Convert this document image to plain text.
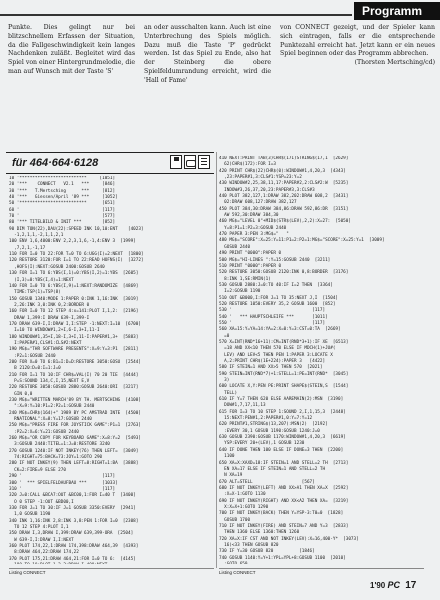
Programm

Punkte. Dies gelingt nur bei blitzschnellem Erfassen der Situation, da die Fallgeschwindigkeit kein langes Nachdenken zuläßt. Begleitet wird das Spiel von einer Hintergrundmelodie, die man auf Wunsch mit der Taste 'S'

an oder ausschalten kann. Auch ist eine Unterbrechung des Spiels möglich. Dazu muß die Taste 'P' gedrückt werden. Ist das Spiel zu Ende, also hat der Steinberg die obere Spielfeldumrandung erreicht, wird die 'Hall of Fame'

von CONNECT gezeigt, und der Spieler kann sich eintragen, falls er die entsprechende Punktezahl erreicht hat. Jetzt kann er ein neues Spiel beginnen oder das Programm abbrechen.

(Thorsten Mertsching/cd)

für 464·664·6128
10 '**************************     [1051]
20 '***    CONNECT   V2.1   ***     [846]
30 '***   T.Mertsching      ***     [812]
40 '***   Giessen/April '89 ***     [1052]
50 '**************************      [651]
60 '                                [117]
70 '                                [577]
80 '*** TITELBILD & INIT ***        [852]
90 DIM TON(22),DAU(22):SPEED INK 10,10:ENT    [4023]
-1,2,1,1,-2,1,1,2,1
100 ENV 1,6,4000:ENV 2,2,3,1,6,-1,4:ENV 3  [1999]
,7,2,1,-1,17
110 FOR I=0 TO 22:FOR T=0 TO 6:UGG(I)=2:NEXT  [1800]
120 RESTORE 3120:FOR I=1 TO 22:READ HOFNS(I)  [3272]
,HOFS(I):NEXT:GOSUB 2400:GOSUB 2640
130 FOR I=1 TO 6:YBS(I,1)=0:YBS(I,2)=1:YBS  [2605]
(I,3)=0:YBS(I,4)=1:NEXT
140 FOR I=0 TO 6:YBS(I,9)=1:NEXT:RANDOMIZE  [4869]
TIME:TSP(1)=TSP(8)
150 GOSUB 1340:MODE 1:PAPER 0:INK 1,16:INK  [3019]
2,26:INK 3,0:INK 0,2:BORDER 0
160 FOR I=0 TO 12 STEP 4:x=141:PLOT I,1,2:  [2196]
DRAW 1,399:I DRAW 639-I,399-I
170 DRAW 639-I,I:DRAW I,I:STEP -1:NEXT:I=10  [6700]
I=10 TO WINDOW#1,2+I,6-I,3+I,11-I
180 WINDOW#1,35+I,18-I,3+I,11-I:PAPER#1,3+  [5883]
I:PAPER#1,CLS#1:CLS#2:NEXT
190 MG$="THR SOFTWARE PRESENTS":X=9:Y=3:P1  [2811]
:P2=1:GOSUB 2440
200 FOR X=0 TO 6:B1=I:D=D:RESTORE 3050:GOSU  [2544]
B 2120:D=0:I=1:J=0
210 FOR I=1 TO 10:IF CHR$=VAL(I) 70 20 TIE  [4444]
P=S:SOUND 134,C,I,15,NEXT E,V
220 RESTORE 3050:GOSUB 2880:GOSUB 2640:ORI  [3217]
GIN 0,0
230 MG$="WRITTEN MARCH'89 BY TH. MERTSCHING  [4108]
":X=9:Y=10:P1=2:P2=1:GOSUB 2440
240 MG$=CHR$(164)+" 1989 BY PC AMSTRAD INTE  [4500]
RNATIONAL":X=8:Y=17:GOSUB 2440
250 MG$="PRESS FIRE FOR JOYSTICK GAME":P1=1  [2763]
:P2=2:X=6:Y=21:GOSUB 2440
260 MG$="OR COPY FOR KEYBOARD GAME":X=8:Y=2  [5493]
3:GOSUB 2440:TITEL=1:J=0:RESTORE 3240
270 GOSUB 1240:IF NOT INKEY(76) THEN LEFT=  [3049]
74:RIGHT=75:BACK=73:JOY=1:GOTO 290
280 IF NOT INKEY(9) THEN LEFT=8:RIGHT=1:BA  [3888]
CK=2:FIRE=9 ELSE 270
290 '                               [117]
300 '  *** SPIELFELDAUFBAU ***      [1033]
310 '                               [117]
320 J=0:CALL &BCA7:OUT &BC00,1:FOR I=40 T  [3400]
O 0 STEP -1:OUT &BD00,I
330 FOR J=1 TO 30:IF J=1 GOSUB 3350:EVERY  [2941]
1,0 GOSUB 1190
340 INK 1,16:INK 2,8:INK 3,8:PEN 1:FOR I=0  [2308]
TO 12 STEP 4:PLOT I,1
350 DRAW I,3,DRAW I,399:DRAW 639,399-ORA  [2504]
W 639-I,I:DRAW I,I:NEXT
360 PLOT 174,22,1:DRAW 174,398:DRAW 464,39  [4393]
8:DRAW 464,22:DRAW 174,22
370 PLOT 175,21:DRAW 464,21:FOR I=0 TO 6:  [4145]
410 NEXT:PRINT TAB(3)CHR$(171)STRING$(17,1  [2629]
62)CHR$(172):FOR I=3
420 PRINT CHR$(22)CHR$(0):WINDOW#1,4,20,3  [4343]
,23:PAPER#1,3:CLS#1:YSP=23:Y=2
430 WINDOW#2,25,38,11,17:PAPER#2,2:CLS#2:W  [5235]
INDOW#3,26,37,20,23:PAPER#3,3:CLS#3
440 PLOT 382,127,1:DRAW 382,202:DRAW 608,2  [3431]
02:DRAW 608,127:DRAW 382,127
450 PLOT 384,30:DRAW 384,86:DRAW 592,86:DR  [3151]
AW 592,30:DRAW 384,30
460 MG$="LEVEL 0"+MID$(STR$(LEV),2,2):X=27:  [5050]
Y=8:P1=1:P2=3:GOSUB 2440
470 PAPER 3:PEN 3:MG$="   "
480 MG$="SCORE":X=25:Y=11:P1=2:P2=1:MG$="SCORE":X=25:Y=1  [3009]
GOSUB 2440
490 PRINT "0000":PAPER 0
500 MG$="HI-LINES ":Y=15:GOSUB 2440  [3211]
510 PRINT "0000":PAPER 0
520 RESTORE 3050:GOSUB 2120:INK 0,8:BORDER  [3176]
8:INK 1,SE:RMIN(1)
530 GOSUB 2880:J=0:TO 40:IF I=2 THEN  [3364]
I=2:GOSUB 1190
510 OUT &B000,I:FOR J=1 TO 35:NEXT J,I  [1504]
520 RESTORE 1050:EVERY 35,2 GOSUB 1600  [852]
530 '                               [117]
540 '   *** HAUPTSCHLEIFE ***       [1011]
550 '                               [117]
560 XA=15:Y=YA=14:YA=2:X=0:Y=3:CST=0:TA  [2669]
=0
570 X=INT(RND*16+11):CM=INT(RND*3+1):IF XE  [6513]
=18 AND XX<10 THEN 570 ELSE IF MDCH(1)+JU#(
LEV) AND LEV<5 THEN PEN 1:PAPER 3:LOCATE X
A,2:PRINT CHR$(1E+224):PAPER 3   [4422]
580 IF STEIN=1 AND XX>5 THEN 570  [2021]
590 STEIN=INT(RND*7)+1:STELL=1:PE=INT(RND*  [3045]
3)
600 LOCATE X,Y:PEN PE:PRINT SHAPE$(STEIN,S  [1544]
TELL)
610 IF Y=7 THEN 620 ELSE AAREMAIN(2):MSN  [3190]
DOW#1,7,17,11,13
615 FOR I=3 TO 10 STEP 1:SOUND 2,I,1,15,3  [2448]
15:NEXT:PEN#1,2:PAPER#1,0:Y=7:Y=12
620 PRINT#1,STRING$(13,207):MSN(2)  [2192]
:EVERY 30,1 GOSUB 1190:GOSUB 1240:J=0
630 GOSUB 2390:GOSUB 1170:WINDOW#1,4,20,3  [6619]
YSP:EVERY 20+(LEV),1 GOSUB 1230
640 IF DONE THEN 100 ELSE IF DONE=3 THEN  [2200]
1100
650 XA=X:XAXD=18:IF STEIN=1 AND STELL=2 TH  [2713]
EN XA=17 ELSE IF STEIN=1 AND STELL=2 TH
N XA=19
670 ALT=STELL                   [567]
680 IF NOT INKEY(LEFT) AND XX>A1 THEN XA=X  [2592]
:X=X-1:GOTO 1130
690 IF NOT INKEY(RIGHT) AND XX<A2 THEN XA=  [3219]
X:X=X+1:GOTO 1290
700 IF NOT INKEY(BACK) THEN Y=YSP-3:T0=0  [1828]
GOSUB 1700
710 IF NOT INKEY(FIRE) AND STEIN=7 AND Y=3  [2833]
THEN 1360 ELSE 1360:THEN 1260
720 XA=X:IF CST AND NOT INKEY(LEV):X=16,400-Y*  [3073]
16)<33 THEN GOSUB 820
730 IF Y=30 GOSUB 820          [1846]
740 GOSUB 1140:Y=Y+1:YPL=YPL+8:GOSUB 1100  [2010]
Listing CONNECT	Listing CONNECT
1'90 PC 17
